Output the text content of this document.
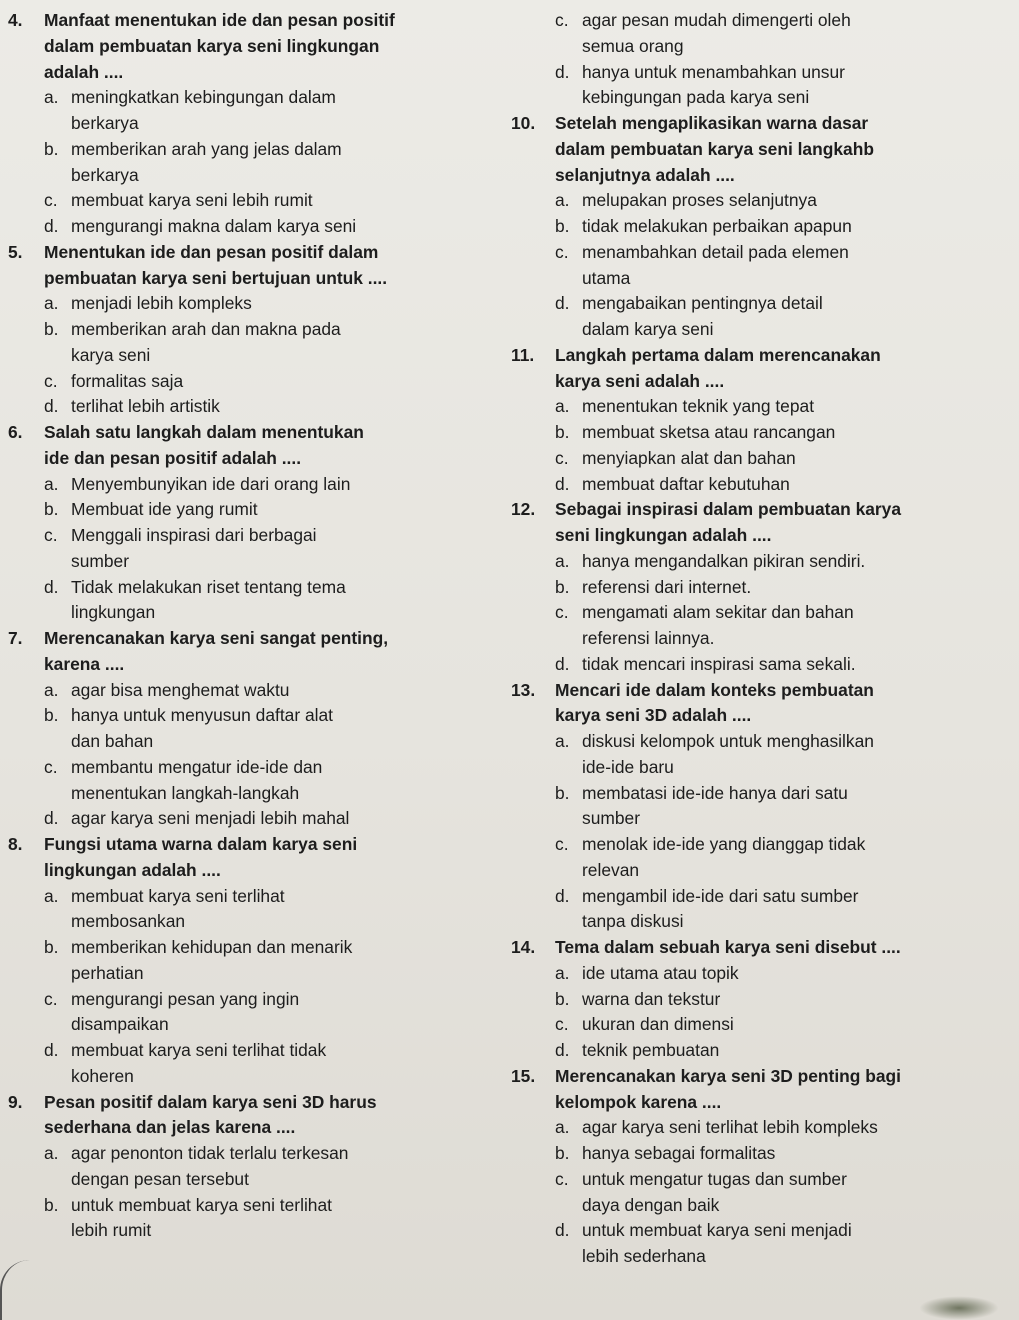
4.	Manfaat menentukan ide dan pesan positif
dalam pembuatan karya seni lingkungan
adalah ....
a. meningkatkan kebingungan dalam
berkarya
b. memberikan arah yang jelas dalam
berkarya
c. membuat karya seni lebih rumit
d. mengurangi makna dalam karya seni
5.	Menentukan ide dan pesan positif dalam
pembuatan karya seni bertujuan untuk ....
a. menjadi lebih kompleks
b. memberikan arah dan makna pada
karya seni
c. formalitas saja
d. terlihat lebih artistik
6.	Salah satu langkah dalam menentukan
ide dan pesan positif adalah ....
a. Menyembunyikan ide dari orang lain
b. Membuat ide yang rumit
c. Menggali inspirasi dari berbagai
sumber
d. Tidak melakukan riset tentang tema
lingkungan
7.	Merencanakan karya seni sangat penting,
karena ....
a. agar bisa menghemat waktu
b. hanya untuk menyusun daftar alat
dan bahan
c. membantu mengatur ide-ide dan
menentukan langkah-langkah
d. agar karya seni menjadi lebih mahal
8.	Fungsi utama warna dalam karya seni
lingkungan adalah ....
a. membuat karya seni terlihat
membosankan
b. memberikan kehidupan dan menarik
perhatian
c. mengurangi pesan yang ingin
disampaikan
d. membuat karya seni terlihat tidak
koheren
9.	Pesan positif dalam karya seni 3D harus
sederhana dan jelas karena ....
a. agar penonton tidak terlalu terkesan
dengan pesan tersebut
b. untuk membuat karya seni terlihat
lebih rumit
c. agar pesan mudah dimengerti oleh
semua orang
d. hanya untuk menambahkan unsur
kebingungan pada karya seni
10.	Setelah mengaplikasikan warna dasar
dalam pembuatan karya seni langkahb
selanjutnya adalah ....
a. melupakan proses selanjutnya
b. tidak melakukan perbaikan apapun
c. menambahkan detail pada elemen
utama
d. mengabaikan pentingnya detail
dalam karya seni
11.	Langkah pertama dalam merencanakan
karya seni adalah ....
a. menentukan teknik yang tepat
b. membuat sketsa atau rancangan
c. menyiapkan alat dan bahan
d. membuat daftar kebutuhan
12.	Sebagai inspirasi dalam pembuatan karya
seni lingkungan adalah ....
a. hanya mengandalkan pikiran sendiri.
b. referensi dari internet.
c. mengamati alam sekitar dan bahan
referensi lainnya.
d. tidak mencari inspirasi sama sekali.
13.	Mencari ide dalam konteks pembuatan
karya seni 3D adalah ....
a. diskusi kelompok untuk menghasilkan
ide-ide baru
b. membatasi ide-ide hanya dari satu
sumber
c. menolak ide-ide yang dianggap tidak
relevan
d. mengambil ide-ide dari satu sumber
tanpa diskusi
14.	Tema dalam sebuah karya seni disebut ....
a. ide utama atau topik
b. warna dan tekstur
c. ukuran dan dimensi
d. teknik pembuatan
15.	Merencanakan karya seni 3D penting bagi
kelompok karena ....
a. agar karya seni terlihat lebih kompleks
b. hanya sebagai formalitas
c. untuk mengatur tugas dan sumber
daya dengan baik
d. untuk membuat karya seni menjadi
lebih sederhana
